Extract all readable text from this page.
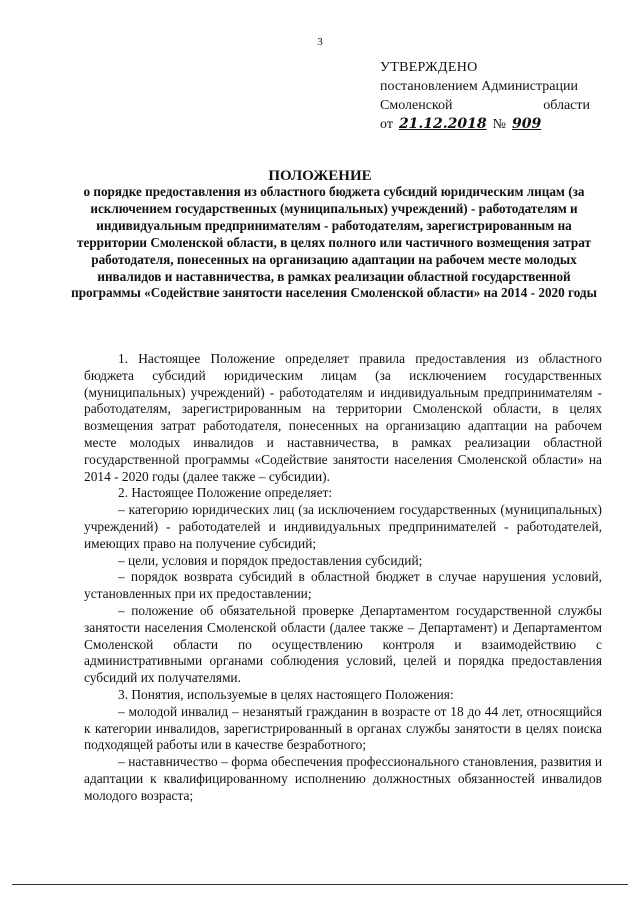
3
УТВЕРЖДЕНО
постановлением Администрации
Смоленской	области
от 21.12.2018 № 909
ПОЛОЖЕНИЕ
о порядке предоставления из областного бюджета субсидий юридическим лицам (за исключением государственных (муниципальных) учреждений) - работодателям и индивидуальным предпринимателям - работодателям, зарегистрированным на территории Смоленской области, в целях полного или частичного возмещения затрат работодателя, понесенных на организацию адаптации на рабочем месте молодых инвалидов и наставничества, в рамках реализации областной государственной программы «Содействие занятости населения Смоленской области» на 2014 - 2020 годы

1. Настоящее Положение определяет правила предоставления из областного бюджета субсидий юридическим лицам (за исключением государственных (муниципальных) учреждений) - работодателям и индивидуальным предпринимателям - работодателям, зарегистрированным на территории Смоленской области, в целях возмещения затрат работодателя, понесенных на организацию адаптации на рабочем месте молодых инвалидов и наставничества, в рамках реализации областной государственной программы «Содействие занятости населения Смоленской области» на 2014 - 2020 годы (далее также – субсидии).

2. Настоящее Положение определяет:

– категорию юридических лиц (за исключением государственных (муниципальных) учреждений) - работодателей и индивидуальных предпринимателей - работодателей, имеющих право на получение субсидий;

– цели, условия и порядок предоставления субсидий;

– порядок возврата субсидий в областной бюджет в случае нарушения условий, установленных при их предоставлении;

– положение об обязательной проверке Департаментом государственной службы занятости населения Смоленской области (далее также – Департамент) и Департаментом Смоленской области по осуществлению контроля и взаимодействию с административными органами соблюдения условий, целей и порядка предоставления субсидий их получателями.

3. Понятия, используемые в целях настоящего Положения:

– молодой инвалид – незанятый гражданин в возрасте от 18 до 44 лет, относящийся к категории инвалидов, зарегистрированный в органах службы занятости в целях поиска подходящей работы или в качестве безработного;

– наставничество – форма обеспечения профессионального становления, развития и адаптации к квалифицированному исполнению должностных обязанностей инвалидов молодого возраста;
